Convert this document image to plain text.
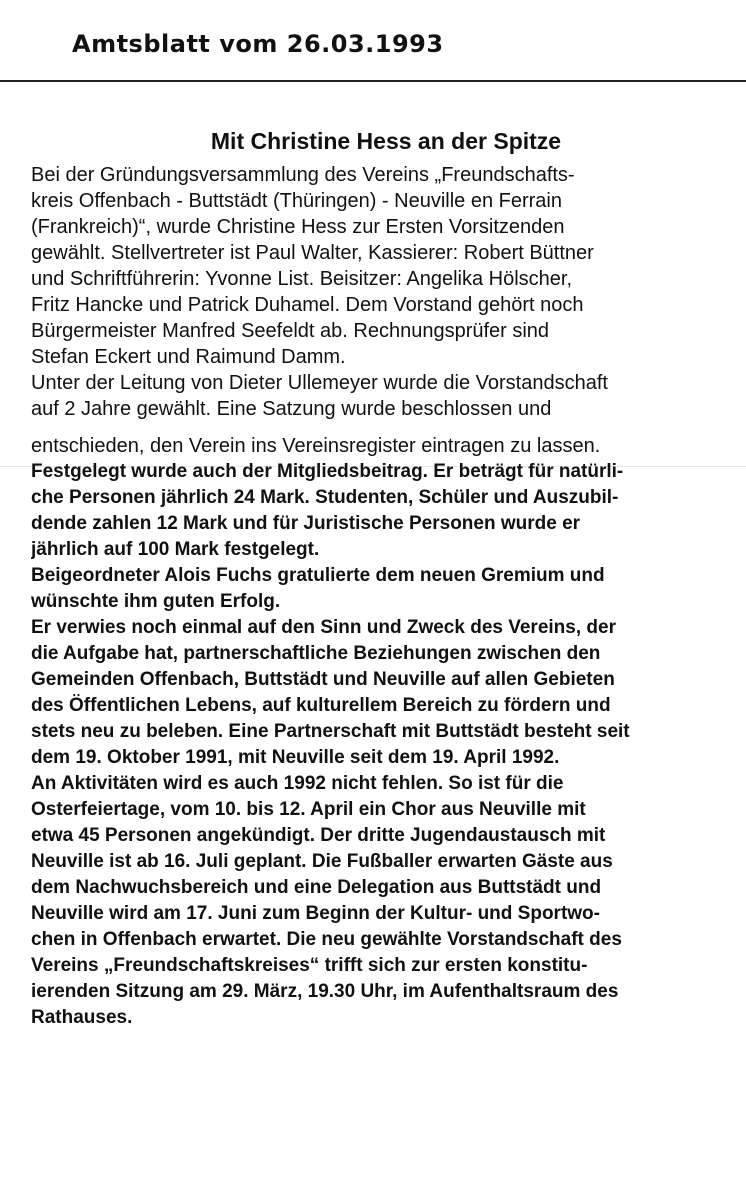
Amtsblatt vom 26.03.1993
Mit Christine Hess an der Spitze
Bei der Gründungsversammlung des Vereins „Freundschafts-
kreis Offenbach - Buttstädt (Thüringen) - Neuville en Ferrain
(Frankreich)“, wurde Christine Hess zur Ersten Vorsitzenden
gewählt. Stellvertreter ist Paul Walter, Kassierer: Robert Büttner
und Schriftführerin: Yvonne List. Beisitzer: Angelika Hölscher,
Fritz Hancke und Patrick Duhamel. Dem Vorstand gehört noch
Bürgermeister Manfred Seefeldt ab. Rechnungsprüfer sind
Stefan Eckert und Raimund Damm.
Unter der Leitung von Dieter Ullemeyer wurde die Vorstandschaft
auf 2 Jahre gewählt. Eine Satzung wurde beschlossen und
entschieden, den Verein ins Vereinsregister eintragen zu lassen.
Festgelegt wurde auch der Mitgliedsbeitrag. Er beträgt für natürli-
che Personen jährlich 24 Mark. Studenten, Schüler und Auszubil-
dende zahlen 12 Mark und für Juristische Personen wurde er
jährlich auf 100 Mark festgelegt.
Beigeordneter Alois Fuchs gratulierte dem neuen Gremium und
wünschte ihm guten Erfolg.
Er verwies noch einmal auf den Sinn und Zweck des Vereins, der
die Aufgabe hat, partnerschaftliche Beziehungen zwischen den
Gemeinden Offenbach, Buttstädt und Neuville auf allen Gebieten
des Öffentlichen Lebens, auf kulturellem Bereich zu fördern und
stets neu zu beleben. Eine Partnerschaft mit Buttstädt besteht seit
dem 19. Oktober 1991, mit Neuville seit dem 19. April 1992.
An Aktivitäten wird es auch 1992 nicht fehlen. So ist für die
Osterfeiertage, vom 10. bis 12. April ein Chor aus Neuville mit
etwa 45 Personen angekündigt. Der dritte Jugendaustausch mit
Neuville ist ab 16. Juli geplant. Die Fußballer erwarten Gäste aus
dem Nachwuchsbereich und eine Delegation aus Buttstädt und
Neuville wird am 17. Juni zum Beginn der Kultur- und Sportwo-
chen in Offenbach erwartet. Die neu gewählte Vorstandschaft des
Vereins „Freundschaftskreises“ trifft sich zur ersten konstitu-
ierenden Sitzung am 29. März, 19.30 Uhr, im Aufenthaltsraum des
Rathauses.
